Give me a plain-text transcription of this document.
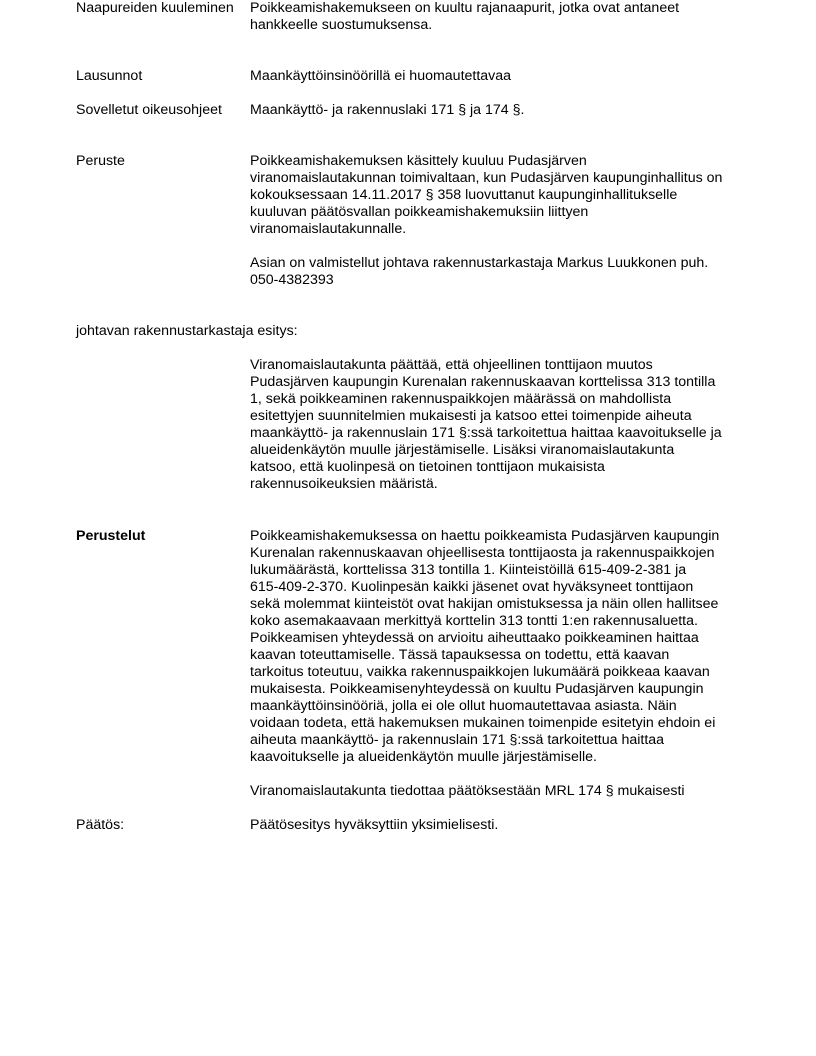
Naapureiden kuuleminen	Poikkeamishakemukseen on kuultu rajanaapurit, jotka ovat antaneet
hankkeelle suostumuksensa.
Lausunnot	Maankäyttöinsinöörillä ei huomautettavaa
Sovelletut oikeusohjeet	Maankäyttö- ja rakennuslaki 171 § ja 174 §.
Peruste	Poikkeamishakemuksen käsittely kuuluu Pudasjärven
viranomaislautakunnan toimivaltaan, kun Pudasjärven kaupunginhallitus on
kokouksessaan 14.11.2017 § 358 luovuttanut kaupunginhallitukselle
kuuluvan päätösvallan poikkeamishakemuksiin liittyen
viranomaislautakunnalle.
Asian on valmistellut johtava rakennustarkastaja Markus Luukkonen puh.
050-4382393
johtavan rakennustarkastaja esitys:
Viranomaislautakunta päättää, että ohjeellinen tonttijaon muutos
Pudasjärven kaupungin Kurenalan rakennuskaavan korttelissa 313 tontilla
1, sekä poikkeaminen rakennuspaikkojen määrässä on mahdollista
esitettyjen suunnitelmien mukaisesti ja katsoo ettei toimenpide aiheuta
maankäyttö- ja rakennuslain 171 §:ssä tarkoitettua haittaa kaavoitukselle ja
alueidenkäytön muulle järjestämiselle. Lisäksi viranomaislautakunta
katsoo, että kuolinpesä on tietoinen tonttijaon mukaisista
rakennusoikeuksien määristä.
Perustelut	Poikkeamishakemuksessa on haettu poikkeamista Pudasjärven kaupungin
Kurenalan rakennuskaavan ohjeellisesta tonttijaosta ja rakennuspaikkojen
lukumäärästä, korttelissa 313 tontilla 1. Kiinteistöillä 615-409-2-381 ja
615-409-2-370. Kuolinpesän kaikki jäsenet ovat hyväksyneet tonttijaon
sekä molemmat kiinteistöt ovat hakijan omistuksessa ja näin ollen hallitsee
koko asemakaavaan merkittyä korttelin 313 tontti 1:en rakennusaluetta.
Poikkeamisen yhteydessä on arvioitu aiheuttaako poikkeaminen haittaa
kaavan toteuttamiselle. Tässä tapauksessa on todettu, että kaavan
tarkoitus toteutuu, vaikka rakennuspaikkojen lukumäärä poikkeaa kaavan
mukaisesta. Poikkeamisenyhteydessä on kuultu Pudasjärven kaupungin
maankäyttöinsinööriä, jolla ei ole ollut huomautettavaa asiasta. Näin
voidaan todeta, että hakemuksen mukainen toimenpide esitetyin ehdoin ei
aiheuta maankäyttö- ja rakennuslain 171 §:ssä tarkoitettua haittaa
kaavoitukselle ja alueidenkäytön muulle järjestämiselle.
Viranomaislautakunta tiedottaa päätöksestään MRL 174 § mukaisesti
Päätös:	Päätösesitys hyväksyttiin yksimielisesti.
